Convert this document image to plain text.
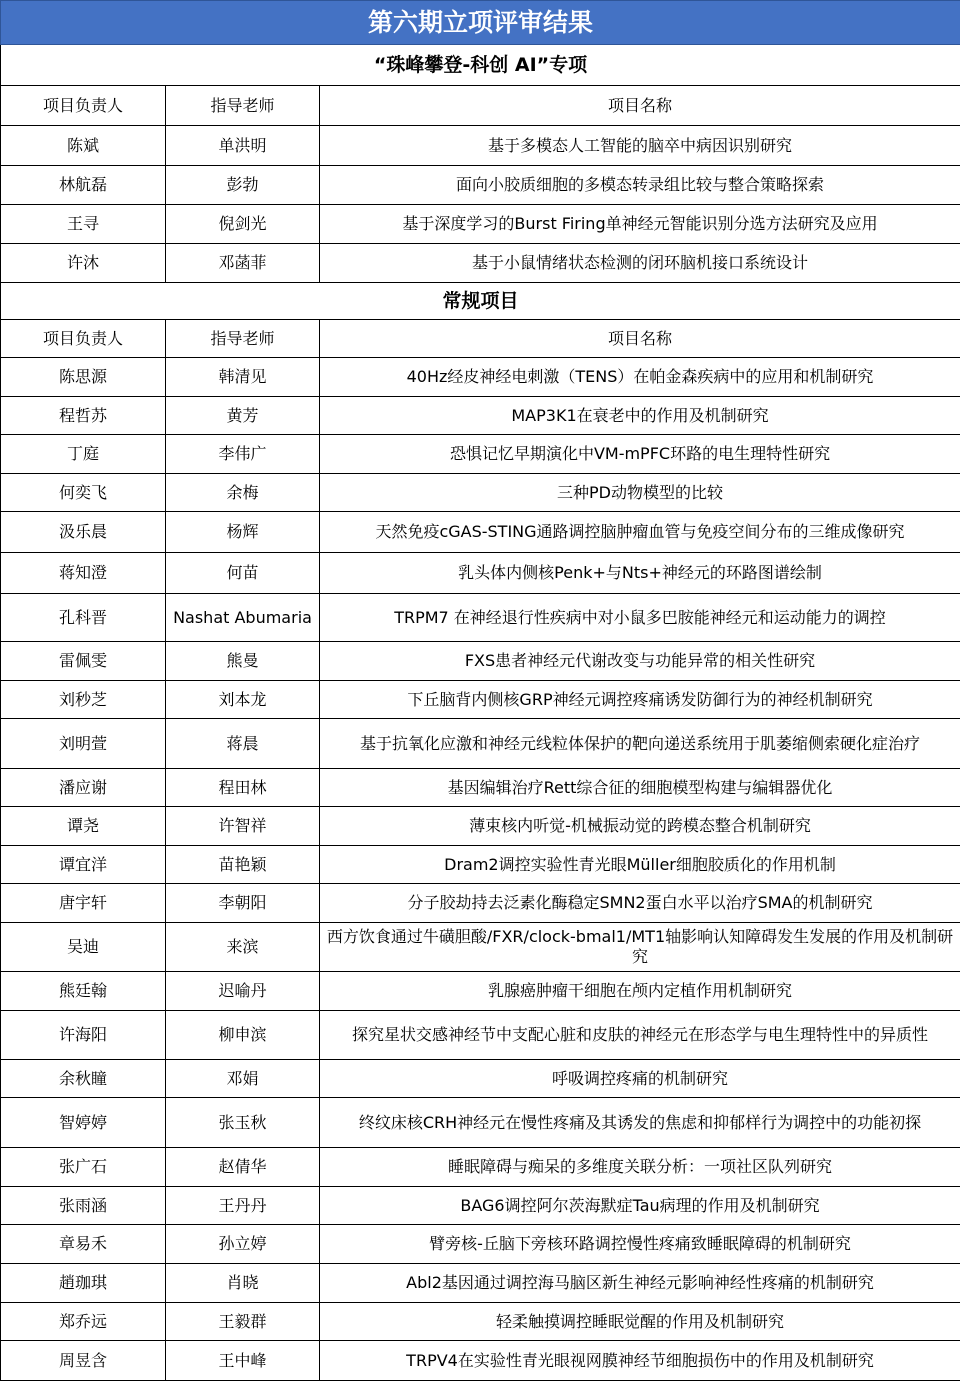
第六期立项评审结果		
“珠峰攀登-科创 AI”专项		
项目负责人	指导老师	项目名称
陈斌	单洪明	基于多模态人工智能的脑卒中病因识别研究
林航磊	彭勃	面向小胶质细胞的多模态转录组比较与整合策略探索
王寻	倪剑光	基于深度学习的Burst Firing单神经元智能识别分选方法研究及应用
许沐	邓菡菲	基于小鼠情绪状态检测的闭环脑机接口系统设计
常规项目		
项目负责人	指导老师	项目名称
陈思源	韩清见	40Hz经皮神经电刺激（TENS）在帕金森疾病中的应用和机制研究
程哲苏	黄芳	MAP3K1在衰老中的作用及机制研究
丁庭	李伟广	恐惧记忆早期演化中VM-mPFC环路的电生理特性研究
何奕飞	余梅	三种PD动物模型的比较
汲乐晨	杨辉	天然免疫cGAS-STING通路调控脑肿瘤血管与免疫空间分布的三维成像研究
蒋知澄	何苗	乳头体内侧核Penk+与Nts+神经元的环路图谱绘制
孔科晋	Nashat Abumaria	TRPM7 在神经退行性疾病中对小鼠多巴胺能神经元和运动能力的调控
雷佩雯	熊曼	FXS患者神经元代谢改变与功能异常的相关性研究
刘秒芝	刘本龙	下丘脑背内侧核GRP神经元调控疼痛诱发防御行为的神经机制研究
刘明萱	蒋晨	基于抗氧化应激和神经元线粒体保护的靶向递送系统用于肌萎缩侧索硬化症治疗
潘应谢	程田林	基因编辑治疗Rett综合征的细胞模型构建与编辑器优化
谭尧	许智祥	薄束核内听觉-机械振动觉的跨模态整合机制研究
谭宜洋	苗艳颖	Dram2调控实验性青光眼Müller细胞胶质化的作用机制
唐宇轩	李朝阳	分子胶劫持去泛素化酶稳定SMN2蛋白水平以治疗SMA的机制研究
吴迪	来滨	西方饮食通过牛磺胆酸/FXR/clock-bmal1/MT1轴影响认知障碍发生发展的作用及机制研究
熊廷翰	迟喻丹	乳腺癌肿瘤干细胞在颅内定植作用机制研究
许海阳	柳申滨	探究星状交感神经节中支配心脏和皮肤的神经元在形态学与电生理特性中的异质性
余秋瞳	邓娟	呼吸调控疼痛的机制研究
智婷婷	张玉秋	终纹床核CRH神经元在慢性疼痛及其诱发的焦虑和抑郁样行为调控中的功能初探
张广石	赵倩华	睡眠障碍与痴呆的多维度关联分析：一项社区队列研究
张雨涵	王丹丹	BAG6调控阿尔茨海默症Tau病理的作用及机制研究
章易禾	孙立婷	臂旁核-丘脑下旁核环路调控慢性疼痛致睡眠障碍的机制研究
趙珈琪	肖晓	Abl2基因通过调控海马脑区新生神经元影响神经性疼痛的机制研究
郑乔远	王毅群	轻柔触摸调控睡眠觉醒的作用及机制研究
周昱含	王中峰	TRPV4在实验性青光眼视网膜神经节细胞损伤中的作用及机制研究
